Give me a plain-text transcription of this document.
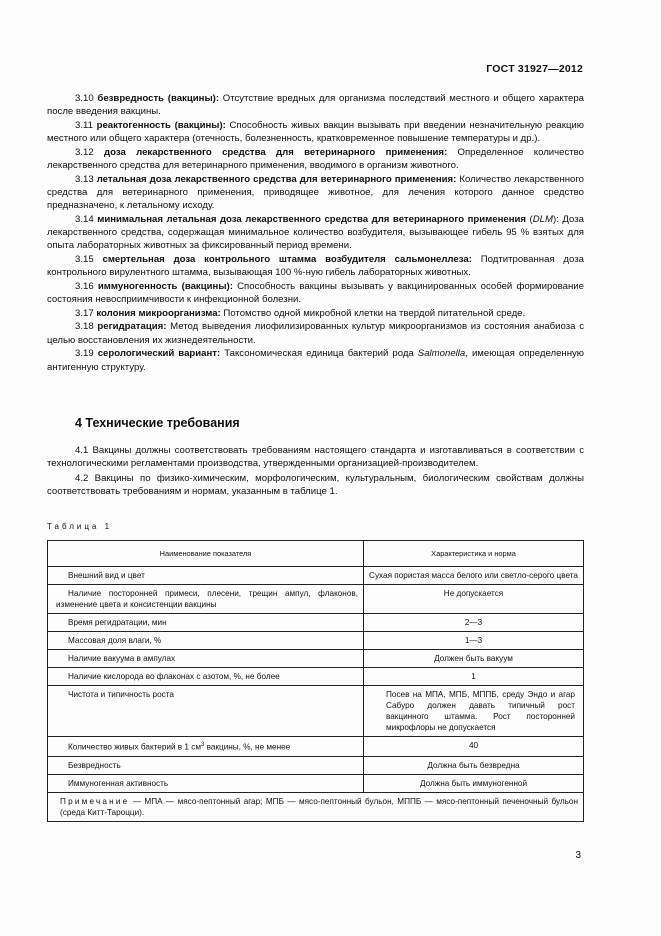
ГОСТ 31927—2012

3.10 безвредность (вакцины): Отсутствие вредных для организма последствий местного и общего характера после введения вакцины.

3.11 реактогенность (вакцины): Способность живых вакцин вызывать при введении незначительную реакцию местного или общего характера (отечность, болезненность, кратковременное повышение температуры и др.).

3.12 доза лекарственного средства для ветеринарного применения: Определенное количество лекарственного средства для ветеринарного применения, вводимого в организм животного.

3.13 летальная доза лекарственного средства для ветеринарного применения: Количество лекарственного средства для ветеринарного применения, приводящее животное, для лечения которого данное средство предназначено, к летальному исходу.

3.14 минимальная летальная доза лекарственного средства для ветеринарного применения (DLM): Доза лекарственного средства, содержащая минимальное количество возбудителя, вызывающее гибель 95 % взятых для опыта лабораторных животных за фиксированный период времени.

3.15 смертельная доза контрольного штамма возбудителя сальмонеллеза: Подтитрованная доза контрольного вирулентного штамма, вызывающая 100 %-ную гибель лабораторных животных.

3.16 иммуногенность (вакцины): Способность вакцины вызывать у вакцинированных особей формирование состояния невосприимчивости к инфекционной болезни.

3.17 колония микроорганизма: Потомство одной микробной клетки на твердой питательной среде.

3.18 регидратация: Метод выведения лиофилизированных культур микроорганизмов из состояния анабиоза с целью восстановления их жизнедеятельности.

3.19 серологический вариант: Таксономическая единица бактерий рода Salmonella, имеющая определенную антигенную структуру.

4 Технические требования

4.1 Вакцины должны соответствовать требованиям настоящего стандарта и изготавливаться в соответствии с технологическими регламентами производства, утвержденными организацией-производителем.

4.2 Вакцины по физико-химическим, морфологическим, культуральным, биологическим свойствам должны соответствовать требованиям и нормам, указанным в таблице 1.

Таблица 1
Наименование показателя	Характеристика и норма
Внешний вид и цвет	Сухая пористая масса белого или светло-серого цвета
Наличие посторонней примеси, плесени, трещин ампул, флаконов, изменение цвета и консистенции вакцины	Не допускается
Время регидратации, мин	2—3
Массовая доля влаги, %	1—3
Наличие вакуума в ампулах	Должен быть вакуум
Наличие кислорода во флаконах с азотом, %, не более	1
Чистота и типичность роста	Посев на МПА, МПБ, МППБ, среду Эндо и агар Сабуро должен давать типичный рост вакцинного штамма. Рост посторонней микрофлоры не допускается
Количество живых бактерий в 1 $см^3$ вакцины, %, не менее	40
Безвредность	Должна быть безвредна
Иммуногенная активность	Должна быть иммуногенной
Примечание — МПА — мясо-пептонный агар; МПБ — мясо-пептонный бульон, МППБ — мясо-пептонный печеночный бульон (среда Китт-Тароцци).	
3
